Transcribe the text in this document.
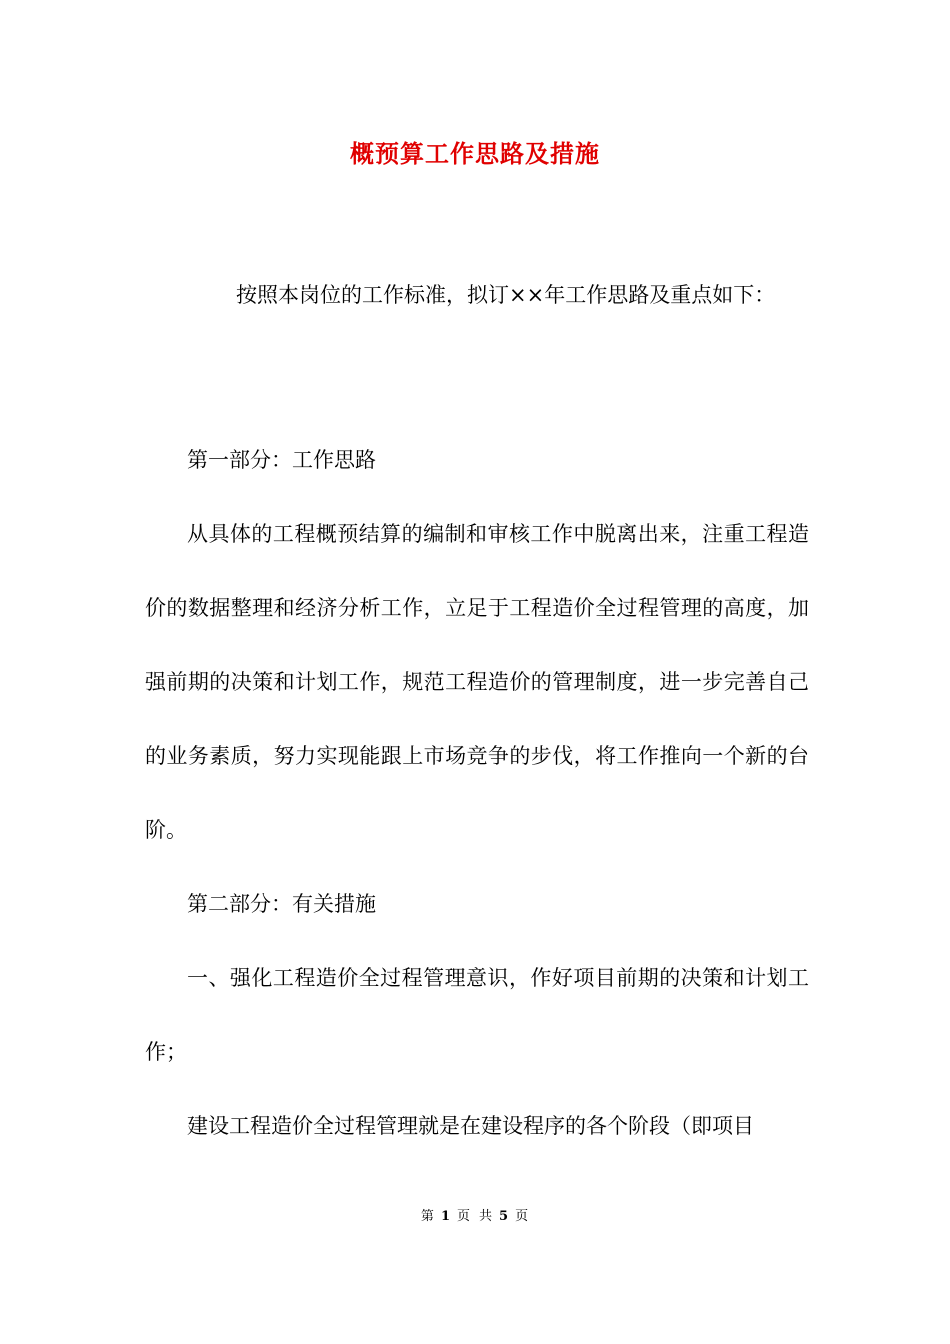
概预算工作思路及措施
按照本岗位的工作标准，拟订××年工作思路及重点如下：

第一部分：工作思路

从具体的工程概预结算的编制和审核工作中脱离出来，注重工程造价的数据整理和经济分析工作，立足于工程造价全过程管理的高度，加强前期的决策和计划工作，规范工程造价的管理制度，进一步完善自己的业务素质，努力实现能跟上市场竞争的步伐，将工作推向一个新的台阶。

第二部分：有关措施

一、强化工程造价全过程管理意识，作好项目前期的决策和计划工作；

建设工程造价全过程管理就是在建设程序的各个阶段（即项目

第 1 页 共 5 页
